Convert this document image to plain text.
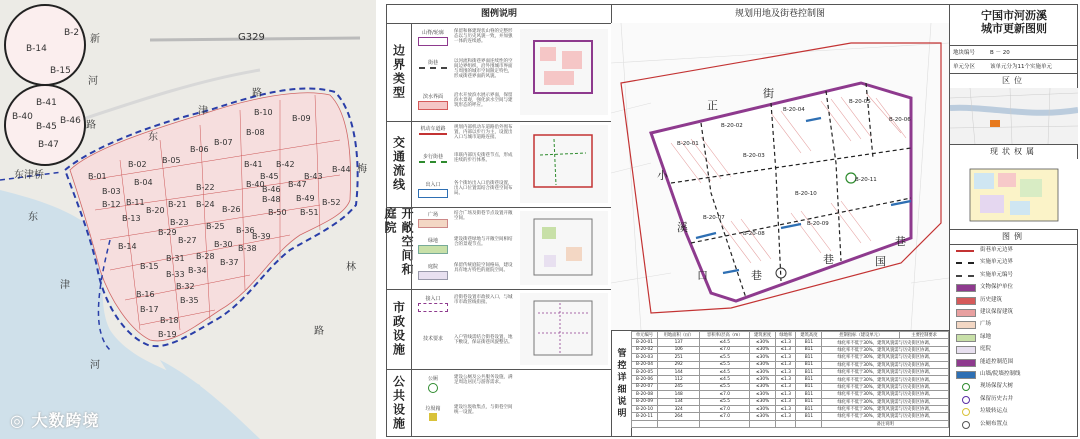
G329
新
河
路
东
津
路
东津桥
梅
东
林
路
津
河
B-01
B-02
B-03
B-04
B-05
B-06
B-07
B-08
B-09
B-10
B-11
B-12
B-13
B-14
B-15
B-16
B-17
B-18
B-19
B-20
B-21
B-22
B-23
B-24
B-25
B-26
B-27
B-28
B-29
B-30
B-31
B-32
B-33 B-34
B-35
B-36
B-37
B-38
B-39
B-40
B-41 B-42
B-43
B-44
B-45
B-46
B-47
B-48 B-49
B-50 B-51
B-52
B-14
B-15
B-2
B-41
B-40
B-45
B-46
B-47
◎ 大数跨境
图例说明
边界类型
山脊/轮廓	保留和修建现状山脊的完整形态以与历史风貌一致，并加强一体的连续感。
街巷	以河流和街巷界面连续性的空间边界组织，沿外围城市界面与周围的城市空间限定特色，形成街巷界面的风貌。
滨水界面	沿水开放滨水展示界面，保留滨水景观，强化滨水空间与建筑形态的呼应。
交通流线
机动车道路	规划内部机动车道路沿外围布置，内部以步行为主，设置出入口与城市道路连接。
步行街巷	串联内部历史街巷节点，形成连续的步行体系。
出入口	各个街坊出入口沿街巷设置，出入口位置需结合街巷空间布局。
开敞空间和庭院	广场	结合广场及街巷节点设置开敞空间。
绿地	建设街巷绿地与开敞空间相结合的景观节点。
庭院	保留传统庭院空间格局，建设具有地方特色的庭院空间。
市政设施
接入口	沿街巷设置市政接入口，与城市市政管线衔接。
技术要求	入户管线需结合街巷设置，地下敷设，保证街巷风貌整洁。
公共设施	公厕	建设公厕及公共服务设施，满足周边居民与游客需求。
垃圾箱	建设垃圾收集点，与街巷空间统一设置。
规划用地及街巷控制图
正
街
小
溪
口
巷	国
巷
巷
B-20-01
B-20-02
B-20-03
B-20-04
B-20-05
B-20-06
B-20-07
B-20-08
B-20-09
B-20-10
B-20-11
管控详细说明
单元编号	用地面积（㎡）	容积率/层高（m）	建筑密度	绿地率	建筑高度	控制指标（建设单元）	主要控制要求
B-20-01	137	≤4.5	≤30%	≤1.3	B11	绿化率不低于30%，建筑风貌需与历史街区协调。	
B-20-02	106	≤7.0	≤30%	≤1.3	B11	绿化率不低于30%，建筑风貌需与历史街区协调。	
B-20-03	251	≤5.5	≤30%	≤1.3	B11	绿化率不低于30%，建筑风貌需与历史街区协调。	
B-20-04	292	≤5.5	≤30%	≤1.3	B11	绿化率不低于30%，建筑风貌需与历史街区协调。	
B-20-05	144	≤4.5	≤30%	≤1.3	B11	绿化率不低于30%，建筑风貌需与历史街区协调。	
B-20-06	112	≤4.5	≤30%	≤1.3	B11	绿化率不低于30%，建筑风貌需与历史街区协调。	
B-20-07	245	≤5.5	≤30%	≤1.3	B11	绿化率不低于30%，建筑风貌需与历史街区协调。	
B-20-08	148	≤7.0	≤30%	≤1.3	B11	绿化率不低于30%，建筑风貌需与历史街区协调。	
B-20-09	134	≤5.5	≤30%	≤1.3	B11	绿化率不低于30%，建筑风貌需与历史街区协调。	
B-20-10	324	≤7.0	≤30%	≤1.3	B11	绿化率不低于30%，建筑风貌需与历史街区协调。	
B-20-11	264	≤7.0	≤30%	≤1.3	B11	绿化率不低于30%，建筑风貌需与历史街区协调。	
						备注说明	
宁国市河沥溪
城市更新图则
地块编号	B － 20
单元分区	该单元分为11个实施单元
区位
现状权属
图例
街巷单元边界
实施单元边界
实施单元编号
文物保护单位
历史建筑
建议保留建筑
广场
绿地
庭院
能道控制范围
山墙/院墙控制线
现场保留大树
保留历史古井
垃圾转运点
公厕布置点
